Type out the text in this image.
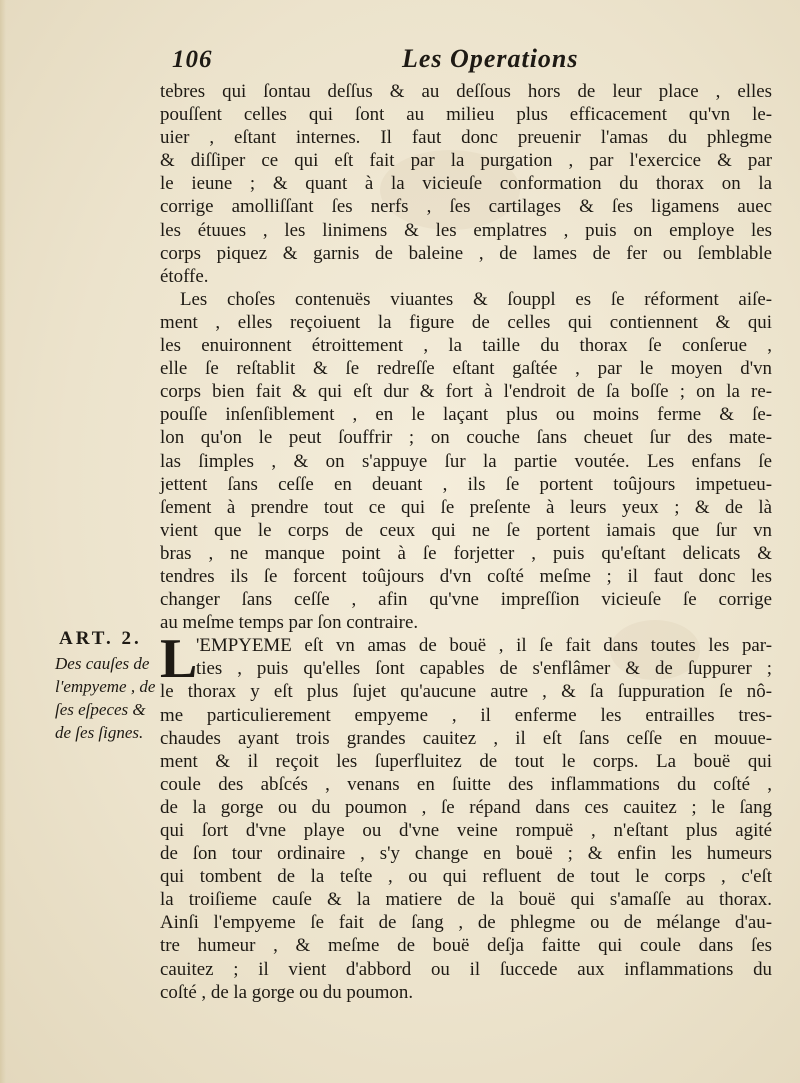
106	Les Operations
tebres qui ſontau deſſus & au deſſous hors de leur place , elles
pouſſent celles qui ſont au milieu plus efficacement qu'vn le-
uier , eſtant internes. Il faut donc preuenir l'amas du phlegme
& diſſiper ce qui eſt fait par la purgation , par l'exercice & par
le ieune ; & quant à la vicieuſe conformation du thorax on la
corrige amolliſſant ſes nerfs , ſes cartilages & ſes ligamens auec
les étuues , les linimens & les emplatres , puis on employe les
corps piquez & garnis de baleine , de lames de fer ou ſemblable
étoffe.
Les choſes contenuës viuantes & ſouppl es ſe réforment aiſe-
ment , elles reçoiuent la figure de celles qui contiennent & qui
les enuironnent étroittement , la taille du thorax ſe conſerue ,
elle ſe reſtablit & ſe redreſſe eſtant gaſtée , par le moyen d'vn
corps bien fait & qui eſt dur & fort à l'endroit de ſa boſſe ; on la re-
pouſſe inſenſiblement , en le laçant plus ou moins ferme & ſe-
lon qu'on le peut ſouffrir ; on couche ſans cheuet ſur des mate-
las ſimples , & on s'appuye ſur la partie voutée. Les enfans ſe
jettent ſans ceſſe en deuant , ils ſe portent toûjours impetueu-
ſement à prendre tout ce qui ſe preſente à leurs yeux ; & de là
vient que le corps de ceux qui ne ſe portent iamais que ſur vn
bras , ne manque point à ſe forjetter , puis qu'eſtant delicats &
tendres ils ſe forcent toûjours d'vn coſté meſme ; il faut donc les
changer ſans ceſſe , afin qu'vne impreſſion vicieuſe ſe corrige
au meſme temps par ſon contraire.
'EMPYEME eſt vn amas de bouë , il ſe fait dans toutes les par-
ties , puis qu'elles ſont capables de s'enflâmer & de ſuppurer ;
le thorax y eſt plus ſujet qu'aucune autre , & ſa ſuppuration ſe nô-
me particulierement empyeme , il enferme les entrailles tres-
chaudes ayant trois grandes cauitez , il eſt ſans ceſſe en mouue-
ment & il reçoit les ſuperfluitez de tout le corps. La bouë qui
coule des abſcés , venans en ſuitte des inflammations du coſté ,
de la gorge ou du poumon , ſe répand dans ces cauitez ; le ſang
qui ſort d'vne playe ou d'vne veine rompuë , n'eſtant plus agité
de ſon tour ordinaire , s'y change en bouë ; & enfin les humeurs
qui tombent de la teſte , ou qui refluent de tout le corps , c'eſt
la troiſieme cauſe & la matiere de la bouë qui s'amaſſe au thorax.
Ainſi l'empyeme ſe fait de ſang , de phlegme ou de mélange d'au-
tre humeur , & meſme de bouë deſja faitte qui coule dans ſes
cauitez ; il vient d'abbord ou il ſuccede aux inflammations du
coſté , de la gorge ou du poumon.
L
ART. 2.
Des cauſes de
l'empyeme , de
ſes eſpeces &
de ſes ſignes.
